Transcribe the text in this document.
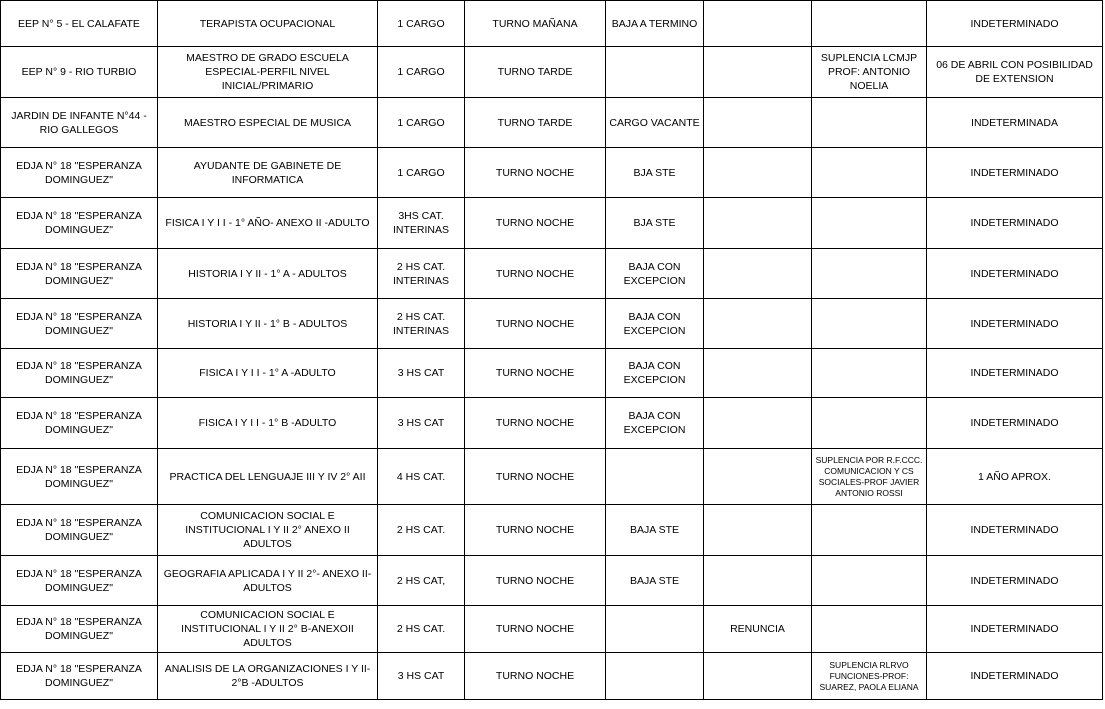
EEP N° 5 - EL CALAFATE	TERAPISTA OCUPACIONAL	1 CARGO	TURNO MAÑANA	BAJA A TERMINO			INDETERMINADO
EEP N° 9 - RIO TURBIO	MAESTRO DE GRADO ESCUELA ESPECIAL-PERFIL NIVEL INICIAL/PRIMARIO	1 CARGO	TURNO TARDE			SUPLENCIA LCMJP PROF: ANTONIO NOELIA	06 DE ABRIL CON POSIBILIDAD DE EXTENSION
JARDIN DE INFANTE N°44 - RIO GALLEGOS	MAESTRO ESPECIAL DE MUSICA	1 CARGO	TURNO TARDE	CARGO VACANTE			INDETERMINADA
EDJA N° 18 "ESPERANZA DOMINGUEZ"	AYUDANTE DE GABINETE DE INFORMATICA	1 CARGO	TURNO NOCHE	BJA STE			INDETERMINADO
EDJA N° 18 "ESPERANZA DOMINGUEZ"	FISICA I Y I I - 1° AÑO- ANEXO II -ADULTO	3HS CAT. INTERINAS	TURNO NOCHE	BJA STE			INDETERMINADO
EDJA N° 18 "ESPERANZA DOMINGUEZ"	HISTORIA I Y II - 1° A - ADULTOS	2 HS CAT. INTERINAS	TURNO NOCHE	BAJA CON EXCEPCION			INDETERMINADO
EDJA N° 18 "ESPERANZA DOMINGUEZ"	HISTORIA I Y II - 1° B - ADULTOS	2 HS CAT. INTERINAS	TURNO NOCHE	BAJA CON EXCEPCION			INDETERMINADO
EDJA N° 18 "ESPERANZA DOMINGUEZ"	FISICA I Y I I - 1° A -ADULTO	3 HS CAT	TURNO NOCHE	BAJA CON EXCEPCION			INDETERMINADO
EDJA N° 18 "ESPERANZA DOMINGUEZ"	FISICA I Y I I - 1° B -ADULTO	3 HS CAT	TURNO NOCHE	BAJA CON EXCEPCION			INDETERMINADO
EDJA N° 18 "ESPERANZA DOMINGUEZ"	PRACTICA DEL LENGUAJE III Y IV 2° AII	4 HS CAT.	TURNO NOCHE			SUPLENCIA POR R.F.CCC. COMUNICACION Y CS SOCIALES-PROF JAVIER ANTONIO ROSSI	1 AÑO APROX.
EDJA N° 18 "ESPERANZA DOMINGUEZ"	COMUNICACION SOCIAL E INSTITUCIONAL I Y II 2° ANEXO II ADULTOS	2 HS CAT.	TURNO NOCHE	BAJA STE			INDETERMINADO
EDJA N° 18 "ESPERANZA DOMINGUEZ"	GEOGRAFIA APLICADA I Y II 2°- ANEXO II-ADULTOS	2 HS CAT,	TURNO NOCHE	BAJA STE			INDETERMINADO
EDJA N° 18 "ESPERANZA DOMINGUEZ"	COMUNICACION SOCIAL E INSTITUCIONAL I Y II 2° B-ANEXOII ADULTOS	2 HS CAT.	TURNO NOCHE		RENUNCIA		INDETERMINADO
EDJA N° 18 "ESPERANZA DOMINGUEZ"	ANALISIS DE LA ORGANIZACIONES I Y II- 2°B -ADULTOS	3 HS CAT	TURNO NOCHE			SUPLENCIA RLRVO FUNCIONES-PROF: SUAREZ, PAOLA ELIANA	INDETERMINADO
